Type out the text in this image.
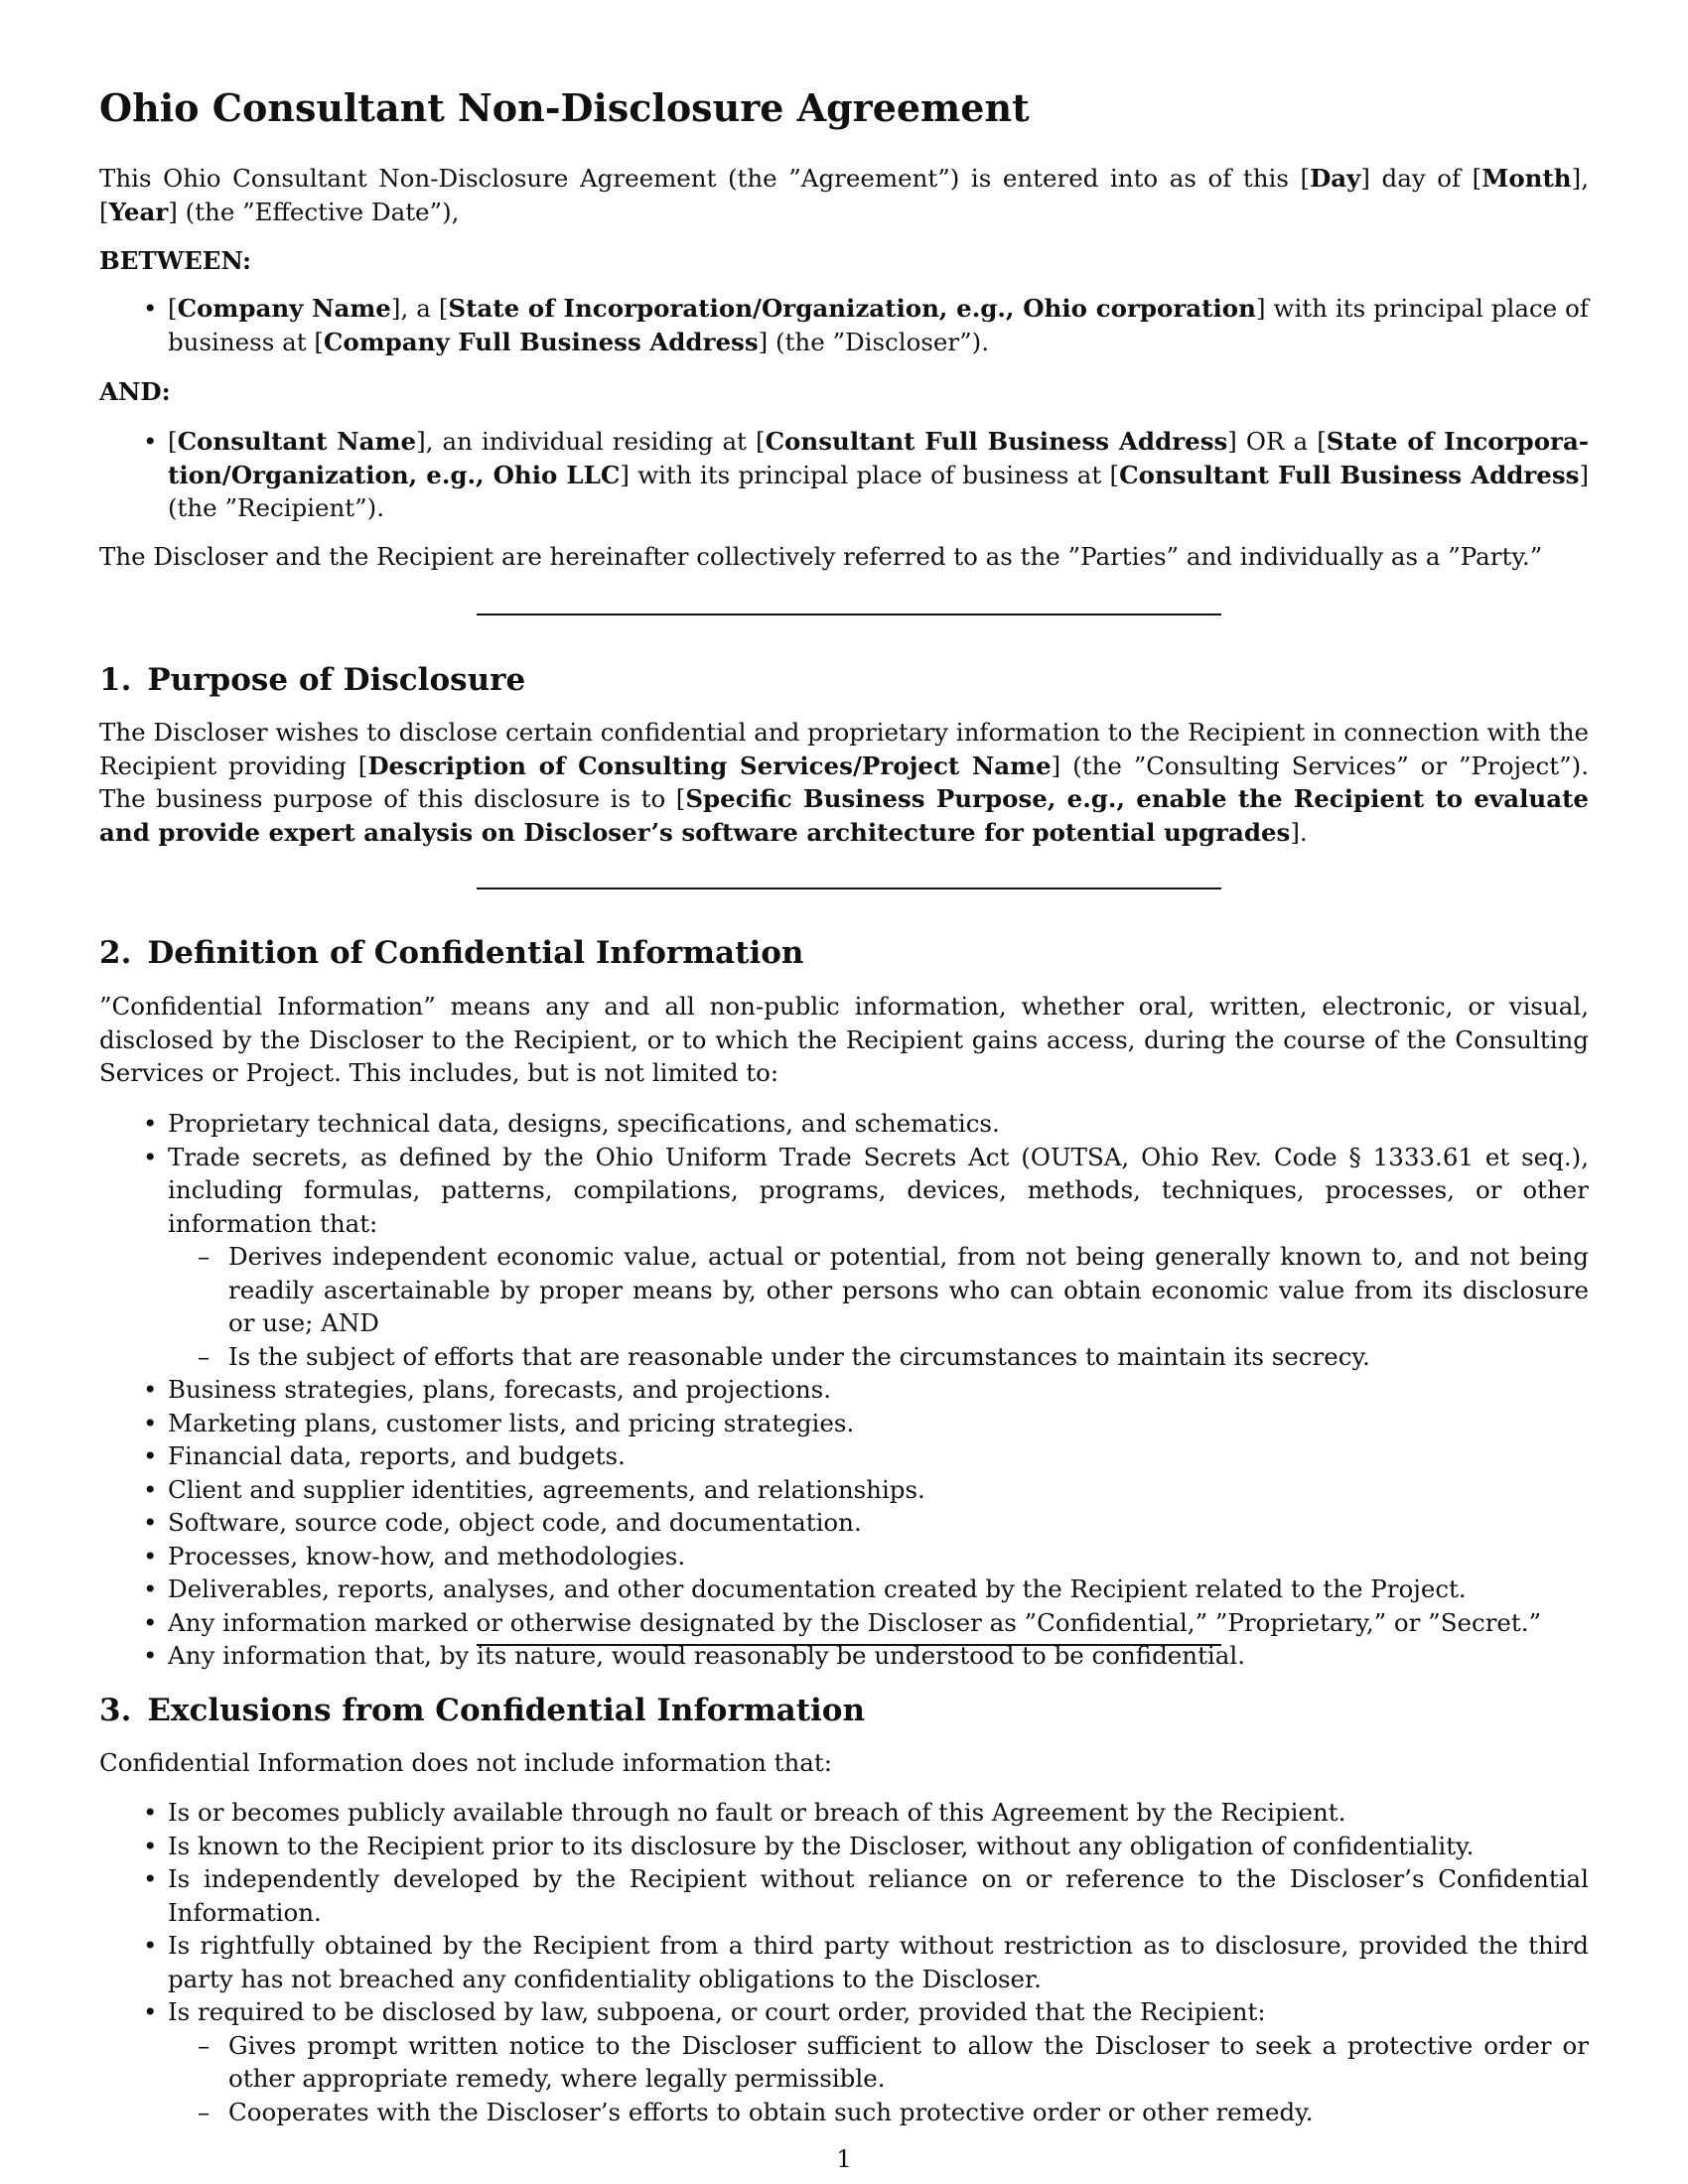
Ohio Consultant Non-Disclosure Agreement

This Ohio Consultant Non-Disclosure Agreement (the ”Agreement”) is entered into as of this [Day] day of [Month], [Year] (the ”Effective Date”),

BETWEEN:
• [Company Name], a [State of Incorporation/Organization, e.g., Ohio corporation] with its principal place of business at [Company Full Business Address] (the ”Discloser”).
AND:
• [Consultant Name], an individual residing at [Consultant Full Business Address] OR a [State of Incorporation/Organization, e.g., Ohio LLC] with its principal place of business at [Consultant Full Business Address] (the ”Recipient”).

The Discloser and the Recipient are hereinafter collectively referred to as the ”Parties” and individually as a ”Party.”

1. Purpose of Disclosure

The Discloser wishes to disclose certain confidential and proprietary information to the Recipient in connection with the Recipient providing [Description of Consulting Services/Project Name] (the ”Consulting Services” or ”Project”). The business purpose of this disclosure is to [Specific Business Purpose, e.g., enable the Recipient to evaluate and provide expert analysis on Discloser’s software architecture for potential upgrades].

2. Definition of Confidential Information

”Confidential Information” means any and all non-public information, whether oral, written, electronic, or visual, disclosed by the Discloser to the Recipient, or to which the Recipient gains access, during the course of the Consulting Services or Project. This includes, but is not limited to:

• Proprietary technical data, designs, specifications, and schematics.
• Trade secrets, as defined by the Ohio Uniform Trade Secrets Act (OUTSA, Ohio Rev. Code § 1333.61 et seq.), including formulas, patterns, compilations, programs, devices, methods, techniques, processes, or other information that:
– Derives independent economic value, actual or potential, from not being generally known to, and not being readily ascertainable by proper means by, other persons who can obtain economic value from its disclosure or use; AND
– Is the subject of efforts that are reasonable under the circumstances to maintain its secrecy.
• Business strategies, plans, forecasts, and projections.
• Marketing plans, customer lists, and pricing strategies.
• Financial data, reports, and budgets.
• Client and supplier identities, agreements, and relationships.
• Software, source code, object code, and documentation.
• Processes, know-how, and methodologies.
• Deliverables, reports, analyses, and other documentation created by the Recipient related to the Project.
• Any information marked or otherwise designated by the Discloser as ”Confidential,” ”Proprietary,” or ”Secret.”
• Any information that, by its nature, would reasonably be understood to be confidential.
3. Exclusions from Confidential Information

Confidential Information does not include information that:

• Is or becomes publicly available through no fault or breach of this Agreement by the Recipient.
• Is known to the Recipient prior to its disclosure by the Discloser, without any obligation of confidentiality.
• Is independently developed by the Recipient without reliance on or reference to the Discloser’s Confidential Information.
• Is rightfully obtained by the Recipient from a third party without restriction as to disclosure, provided the third party has not breached any confidentiality obligations to the Discloser.
• Is required to be disclosed by law, subpoena, or court order, provided that the Recipient:
– Gives prompt written notice to the Discloser sufficient to allow the Discloser to seek a protective order or other appropriate remedy, where legally permissible.
– Cooperates with the Discloser’s efforts to obtain such protective order or other remedy.
1
